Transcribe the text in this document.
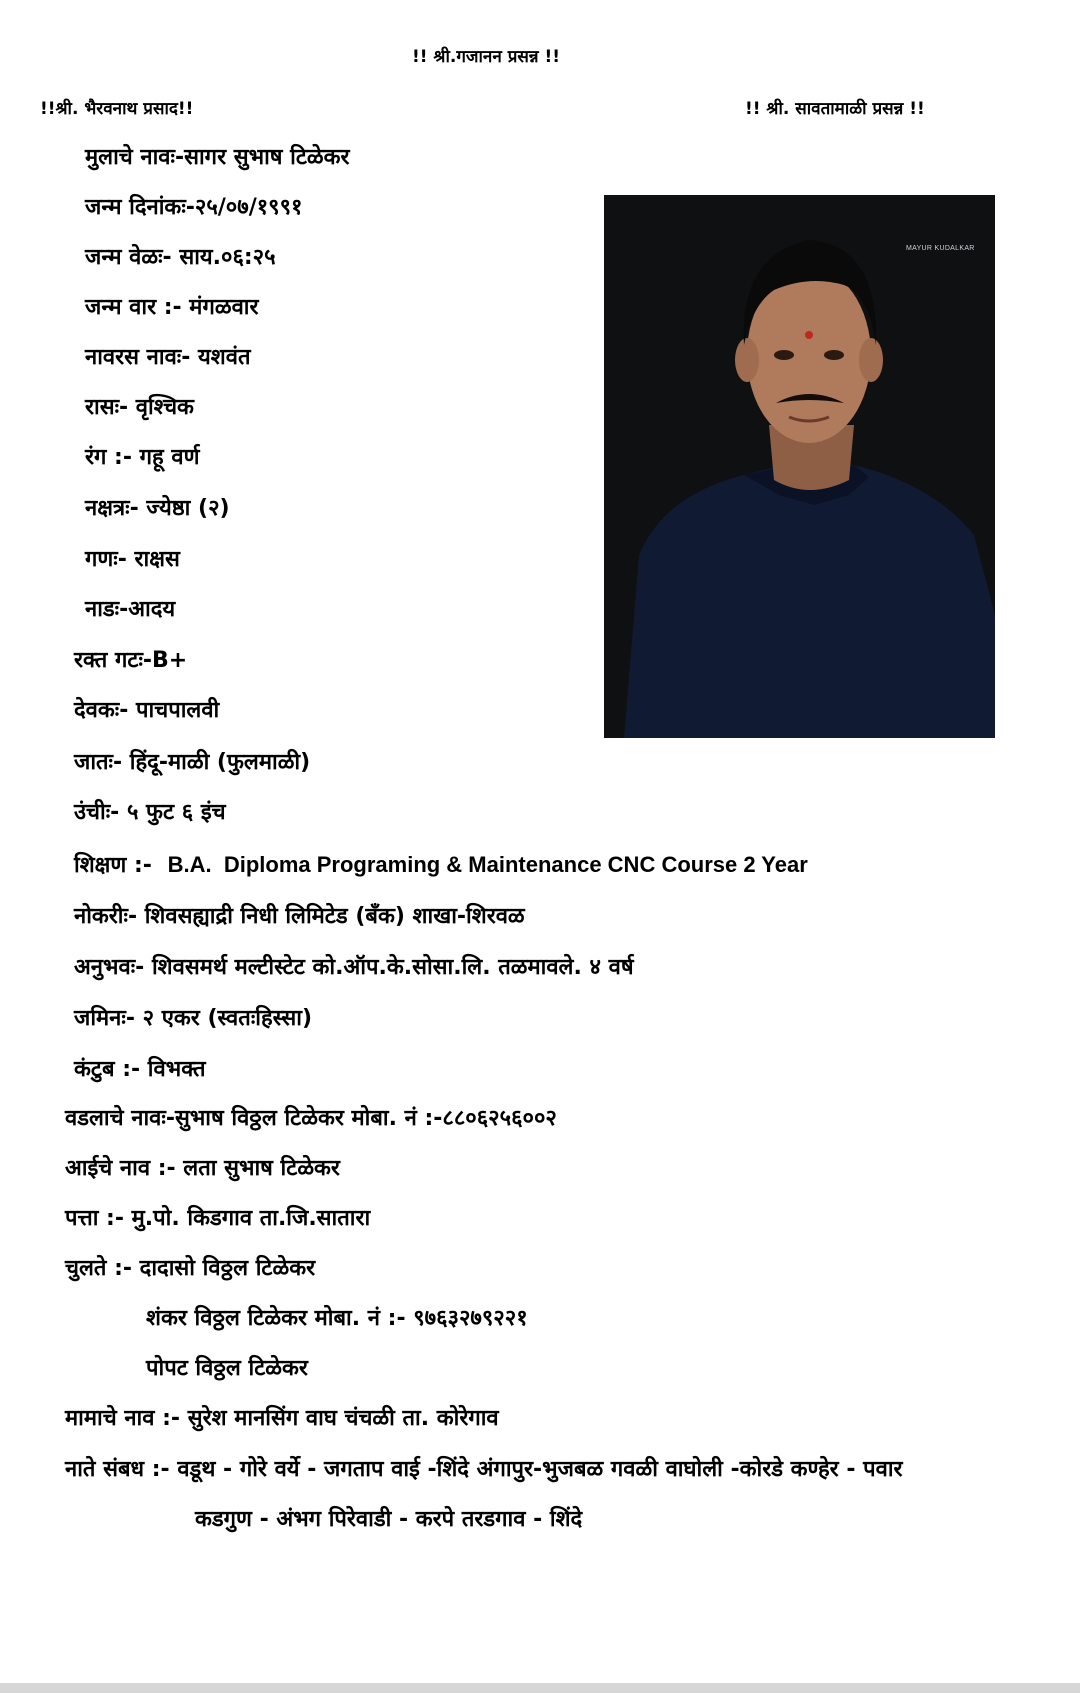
!! श्री.गजानन प्रसन्न !!
!!श्री. भैरवनाथ प्रसाद!!	!! श्री. सावतामाळी प्रसन्न !!
मुलाचे नावः-सागर सुभाष टिळेकर
जन्म दिनांकः-२५/०७/१९९१
जन्म वेळः- साय.०६:२५
जन्म वार :- मंगळवार
नावरस नावः- यशवंत
रासः- वृश्चिक
रंग :- गहू वर्ण
नक्षत्रः- ज्येष्ठा (२)
गणः- राक्षस
नाडः-आदय
रक्त गटः-B+
देवकः- पाचपालवी
जातः- हिंदू-माळी (फुलमाळी)
उंचीः- ५ फुट ६ इंच
शिक्षण :- B.A.  Diploma Programing & Maintenance CNC Course 2 Year
नोकरीः- शिवसह्याद्री निधी लिमिटेड (बँक) शाखा-शिरवळ
अनुभवः- शिवसमर्थ मल्टीस्टेट को.ऑप.के.सोसा.लि. तळमावले. ४ वर्ष
जमिनः- २ एकर (स्वतःहिस्सा)
कंटुब :- विभक्त
वडलाचे नावः-सुभाष विठ्ठल टिळेकर मोबा. नं :-८८०६२५६००२
आईचे नाव :- लता सुभाष टिळेकर
पत्ता :- मु.पो. किडगाव ता.जि.सातारा
चुलते :- दादासो विठ्ठल टिळेकर
शंकर विठ्ठल टिळेकर मोबा. नं :- ९७६३२७९२२१
पोपट विठ्ठल टिळेकर
मामाचे नाव :- सुरेश मानसिंग वाघ चंचळी ता. कोरेगाव
नाते संबध :- वडूथ - गोरे वर्ये - जगताप वाई -शिंदे अंगापुर-भुजबळ गवळी वाघोली -कोरडे कण्हेर - पवार
कडगुण - अंभग पिरेवाडी - करपे तरडगाव - शिंदे
MAYUR KUDALKAR
